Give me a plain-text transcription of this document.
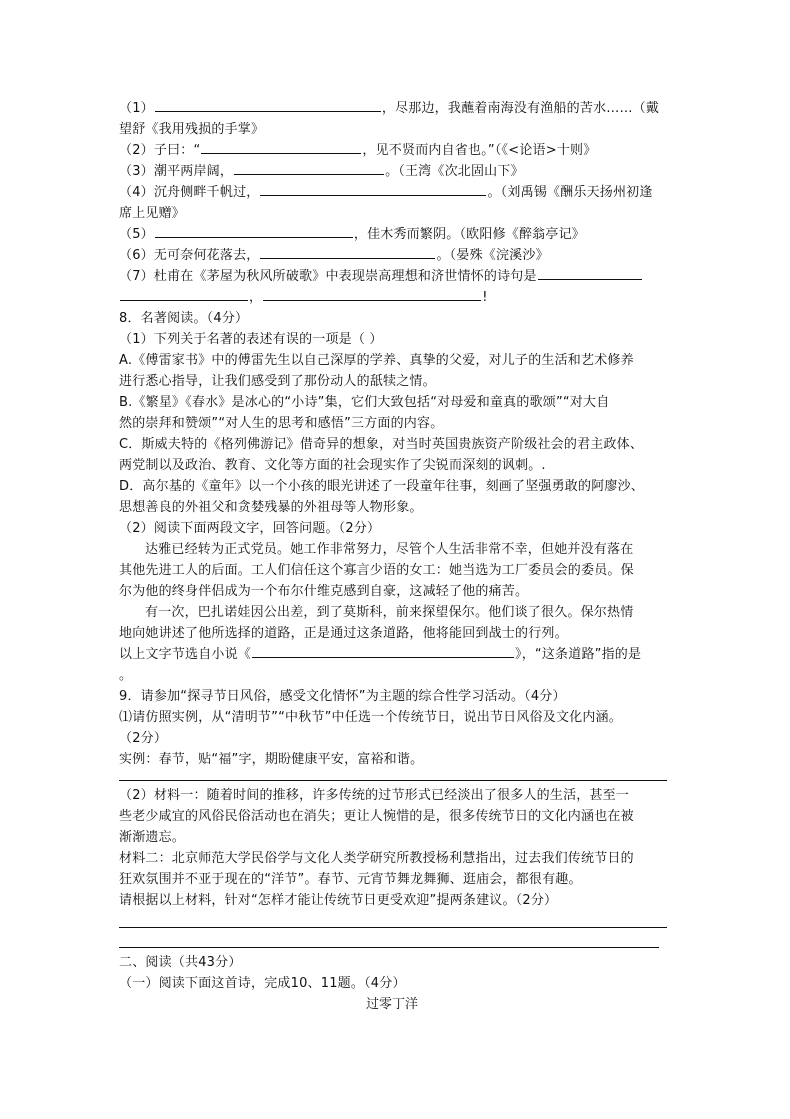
（1）	，尽那边，我蘸着南海没有渔船的苦水……（戴
望舒《我用残损的手掌》
（2）子曰：“	，见不贤而内自省也。”（《<论语>十则》
（3）潮平两岸阔，	。（王湾《次北固山下》
（4）沉舟侧畔千帆过，	。（刘禹锡《酬乐天扬州初逢
席上见赠》
（5）	，佳木秀而繁阴。（欧阳修《醉翁亭记》
（6）无可奈何花落去，	。（晏殊《浣溪沙》
（7）杜甫在《茅屋为秋风所破歌》中表现崇高理想和济世情怀的诗句是
，	!
8．名著阅读。（4分）
（1）下列关于名著的表述有误的一项是（ ）
A.《傅雷家书》中的傅雷先生以自己深厚的学养、真挚的父爱，对儿子的生活和艺术修养
进行悉心指导，让我们感受到了那份动人的舐犊之情。
B.《繁星》《春水》是冰心的“小诗”集，它们大致包括“对母爱和童真的歌颂”“对大自
然的崇拜和赞颂”“对人生的思考和感悟”三方面的内容。
C．斯威夫特的《格列佛游记》借奇异的想象，对当时英国贵族资产阶级社会的君主政体、
两党制以及政治、教育、文化等方面的社会现实作了尖锐而深刻的讽刺。.
D．高尔基的《童年》以一个小孩的眼光讲述了一段童年往事，刻画了坚强勇敢的阿廖沙、
思想善良的外祖父和贪婪残暴的外祖母等人物形象。
（2）阅读下面两段文字，回答问题。（2分）
达雅已经转为正式党员。她工作非常努力，尽管个人生活非常不幸，但她并没有落在
其他先进工人的后面。工人们信任这个寡言少语的女工：她当选为工厂委员会的委员。保
尔为他的终身伴侣成为一个布尔什维克感到自豪，这减轻了他的痛苦。
有一次，巴扎诺娃因公出差，到了莫斯科，前来探望保尔。他们谈了很久。保尔热情
地向她讲述了他所选择的道路，正是通过这条道路，他将能回到战士的行列。
以上文字节选自小说《	》，“这条道路”指的是
。
9．请参加“探寻节日风俗，感受文化情怀”为主题的综合性学习活动。（4分）
⑴请仿照实例，从“清明节”“中秋节”中任选一个传统节日，说出节日风俗及文化内涵。
（2分）
实例：春节，贴“福”字，期盼健康平安，富裕和谐。
（2）材料一：随着时间的推移，许多传统的过节形式已经淡出了很多人的生活，甚至一
些老少咸宜的风俗民俗活动也在消失；更让人惋惜的是，很多传统节日的文化内涵也在被
渐渐遗忘。
材料二：北京师范大学民俗学与文化人类学研究所教授杨利慧指出，过去我们传统节日的
狂欢氛围并不亚于现在的“洋节”。春节、元宵节舞龙舞狮、逛庙会，都很有趣。
请根据以上材料，针对“怎样才能让传统节日更受欢迎”提两条建议。（2分）
二、阅读（共43分）
（一）阅读下面这首诗，完成10、11题。（4分）
过零丁洋
